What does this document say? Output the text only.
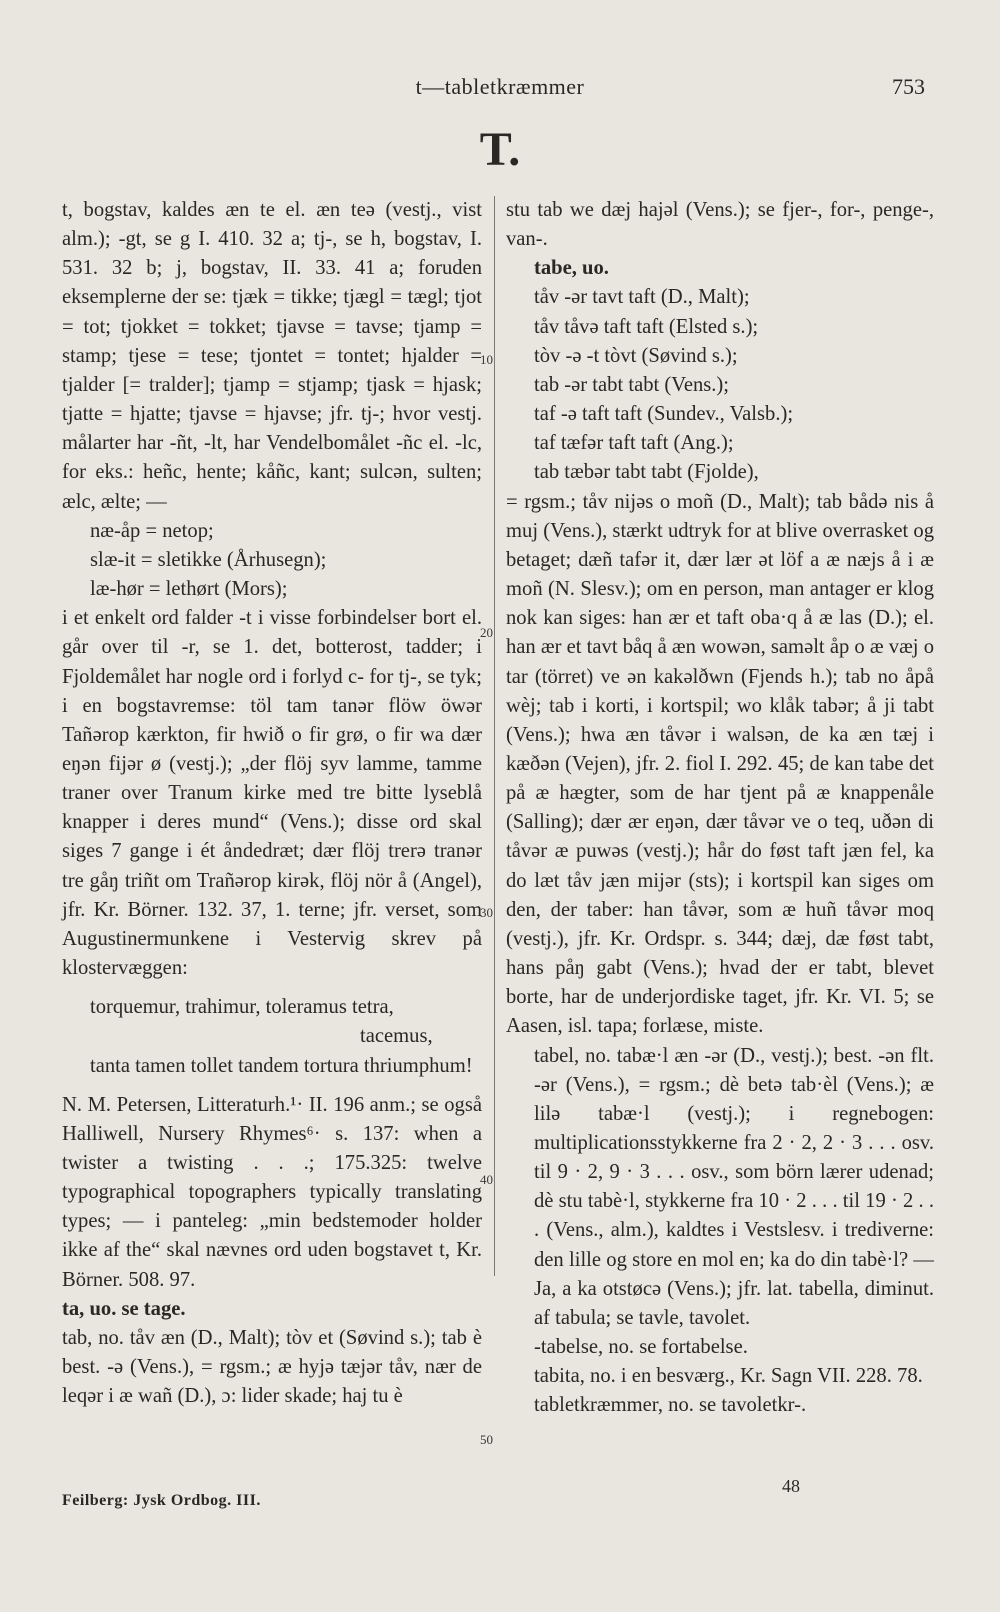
t—tabletkræmmer	753
T.

t, bogstav, kaldes æn te el. æn teə (vestj., vist alm.); -gt, se g I. 410. 32 a; tj-, se h, bogstav, I. 531. 32 b; j, bogstav, II. 33. 41 a; foruden eksemplerne der se: tjæk = tikke; tjægl = tægl; tjot = tot; tjokket = tokket; tjavse = tavse; tjamp = stamp; tjese = tese; tjontet = tontet; hjalder = tjalder [= tralder]; tjamp = stjamp; tjask = hjask; tjatte = hjatte; tjavse = hjavse; jfr. tj-; hvor vestj. målarter har -ñt, -lt, har Vendelbomålet -ñc el. -lc, for eks.: heñc, hente; kåñc, kant; sulcən, sulten; ælc, ælte; —

næ-åp = netop;

slæ-it = sletikke (Århusegn);

læ-hør = lethørt (Mors);

i et enkelt ord falder -t i visse forbindelser bort el. går over til -r, se 1. det, botterost, tadder; i Fjoldemålet har nogle ord i forlyd c- for tj-, se tyk; i en bogstavremse: töl tam tanər flöw öwər Tañərop kærkton, fir hwið o fir grø, o fir wa dær eŋən fijər ø (vestj.); „der flöj syv lamme, tamme traner over Tranum kirke med tre bitte lyseblå knapper i deres mund“ (Vens.); disse ord skal siges 7 gange i ét åndedræt; dær flöj trerə tranər tre gåŋ triñt om Trañərop kirək, flöj nör å (Angel), jfr. Kr. Börner. 132. 37, 1. terne; jfr. verset, som Augustinermunkene i Vestervig skrev på klostervæggen:

torquemur, trahimur, toleramus tetra,
tacemus,
tanta tamen tollet tandem tortura thriumphum!

N. M. Petersen, Litteraturh.¹· II. 196 anm.; se også Halliwell, Nursery Rhymes⁶· s. 137: when a twister a twisting . . .; 175.325: twelve typographical topographers typically translating types; — i panteleg: „min bedstemoder holder ikke af the“ skal nævnes ord uden bogstavet t, Kr. Börner. 508. 97.

ta, uo. se tage.

tab, no. tåv æn (D., Malt); tòv et (Søvind s.); tab è best. -ə (Vens.), = rgsm.; æ hyjə tæjər tåv, nær de leqər i æ wañ (D.), ɔ: lider skade; haj tu è

stu tab we dæj hajəl (Vens.); se fjer-, for-, penge-, van-.

tabe, uo.

tåv -ər tavt taft (D., Malt);

tåv tåvə taft taft (Elsted s.);

tòv -ə -t tòvt (Søvind s.);

tab -ər tabt tabt (Vens.);

taf -ə taft taft (Sundev., Valsb.);

taf tæfər taft taft (Ang.);

tab tæbər tabt tabt (Fjolde),

= rgsm.; tåv nijəs o moñ (D., Malt); tab bådə nis å muj (Vens.), stærkt udtryk for at blive overrasket og betaget; dæñ tafər it, dær lær ət löf a æ næjs å i æ moñ (N. Slesv.); om en person, man antager er klog nok kan siges: han ær et taft oba·q å æ las (D.); el. han ær et tavt båq å æn wowən, saməlt åp o æ væj o tar (törret) ve ən kakəlðwn (Fjends h.); tab no åpå wèj; tab i korti, i kortspil; wo klåk tabər; å ji tabt (Vens.); hwa æn tåvər i walsən, de ka æn tæj i kæðən (Vejen), jfr. 2. fiol I. 292. 45; de kan tabe det på æ hægter, som de har tjent på æ knappenåle (Salling); dær ær eŋən, dær tåvər ve o teq, uðən di tåvər æ puwəs (vestj.); hår do føst taft jæn fel, ka do læt tåv jæn mijər (sts); i kortspil kan siges om den, der taber: han tåvər, som æ huñ tåvər moq (vestj.), jfr. Kr. Ordspr. s. 344; dæj, dæ føst tabt, hans påŋ gabt (Vens.); hvad der er tabt, blevet borte, har de underjordiske taget, jfr. Kr. VI. 5; se Aasen, isl. tapa; forlæse, miste.

tabel, no. tabæ·l æn -ər (D., vestj.); best. -ən flt. -ər (Vens.), = rgsm.; dè betə tab·èl (Vens.); æ lilə tabæ·l (vestj.); i regnebogen: multiplicationsstykkerne fra 2 · 2, 2 · 3 . . . osv. til 9 · 2, 9 · 3 . . . osv., som börn lærer udenad; dè stu tabè·l, stykkerne fra 10 · 2 . . . til 19 · 2 . . . (Vens., alm.), kaldtes i Vestslesv. i trediverne: den lille og store en mol en; ka do din tabè·l? — Ja, a ka otstøcə (Vens.); jfr. lat. tabella, diminut. af tabula; se tavle, tavolet.

-tabelse, no. se fortabelse.

tabita, no. i en besværg., Kr. Sagn VII. 228. 78.

tabletkræmmer, no. se tavoletkr-.

10
20
30
40
50
Feilberg: Jysk Ordbog. III.
48
